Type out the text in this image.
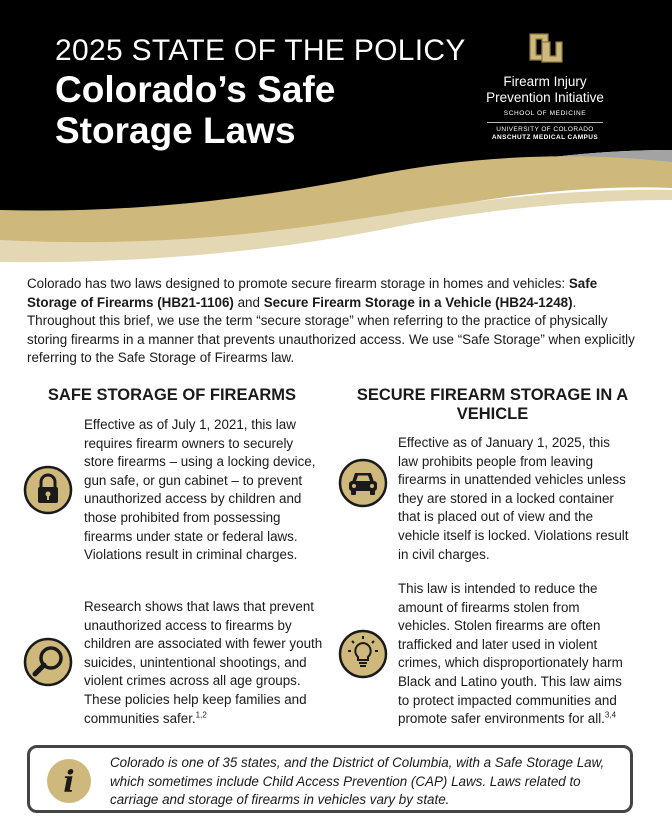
2025 STATE OF THE POLICY
Colorado’s Safe Storage Laws
Firearm Injury Prevention Initiative
SCHOOL OF MEDICINE
UNIVERSITY OF COLORADO
ANSCHUTZ MEDICAL CAMPUS

Colorado has two laws designed to promote secure firearm storage in homes and vehicles: Safe Storage of Firearms (HB21-1106) and Secure Firearm Storage in a Vehicle (HB24-1248). Throughout this brief, we use the term “secure storage” when referring to the practice of physically storing firearms in a manner that prevents unauthorized access. We use “Safe Storage” when explicitly referring to the Safe Storage of Firearms law.

SAFE STORAGE OF FIREARMS

Effective as of July 1, 2021, this law requires firearm owners to securely store firearms – using a locking device, gun safe, or gun cabinet – to prevent unauthorized access by children and those prohibited from possessing firearms under state or federal laws. Violations result in criminal charges.

Research shows that laws that prevent unauthorized access to firearms by children are associated with fewer youth suicides, unintentional shootings, and violent crimes across all age groups. These policies help keep families and communities safer.$^{1,2}$

SECURE FIREARM STORAGE IN A VEHICLE

Effective as of January 1, 2025, this law prohibits people from leaving firearms in unattended vehicles unless they are stored in a locked container that is placed out of view and the vehicle itself is locked. Violations result in civil charges.

This law is intended to reduce the amount of firearms stolen from vehicles. Stolen firearms are often trafficked and later used in violent crimes, which disproportionately harm Black and Latino youth. This law aims to protect impacted communities and promote safer environments for all.$^{3,4}$

i

Colorado is one of 35 states, and the District of Columbia, with a Safe Storage Law, which sometimes include Child Access Prevention (CAP) Laws. Laws related to carriage and storage of firearms in vehicles vary by state.
